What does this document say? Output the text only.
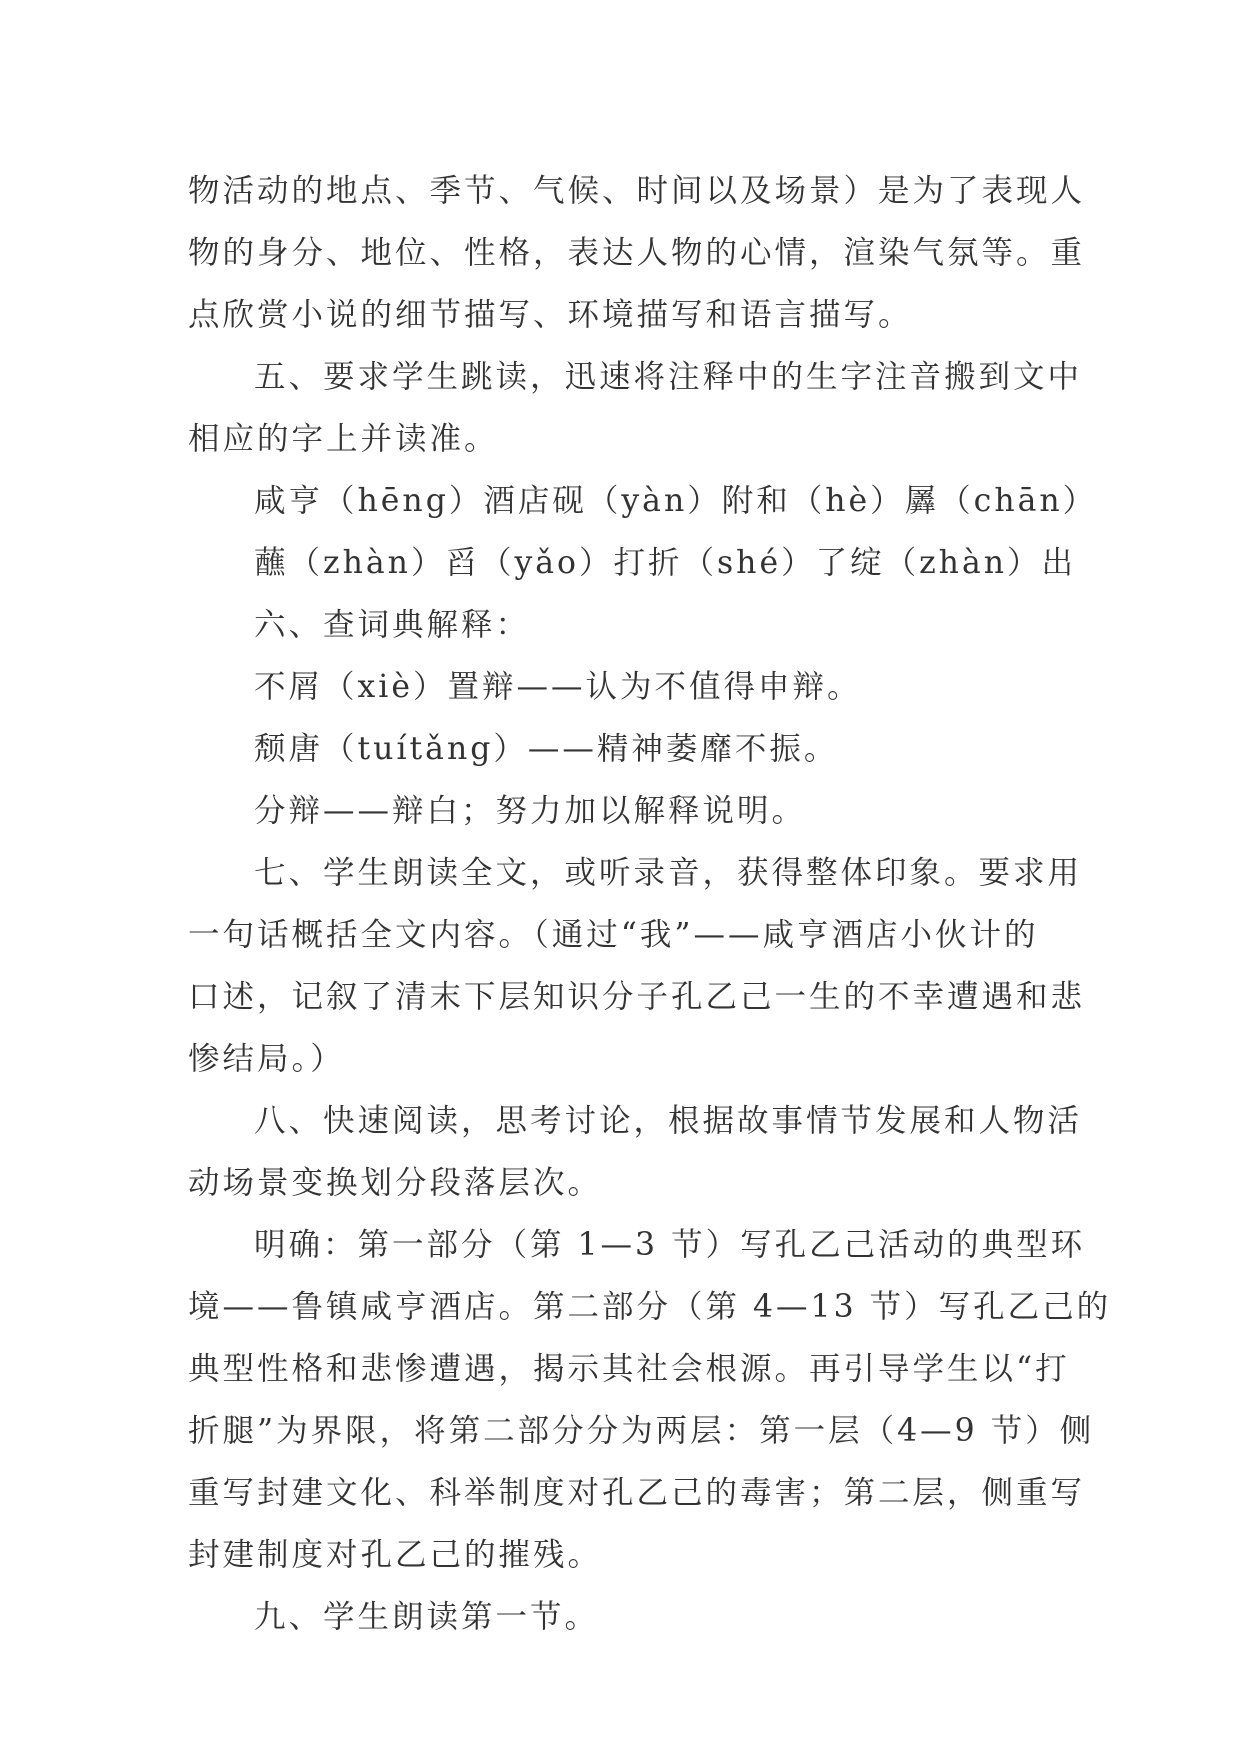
物活动的地点、季节、气候、时间以及场景）是为了表现人
物的身分、地位、性格，表达人物的心情，渲染气氛等。重
点欣赏小说的细节描写、环境描写和语言描写。
五、要求学生跳读，迅速将注释中的生字注音搬到文中
相应的字上并读准。
咸亨（hēng）酒店砚（yàn）附和（hè）羼（chān）
蘸（zhàn）舀（yǎo）打折（shé）了绽（zhàn）出
六、查词典解释：
不屑（xiè）置辩——认为不值得申辩。
颓唐（tuítǎng）——精神萎靡不振。
分辩——辩白；努力加以解释说明。
七、学生朗读全文，或听录音，获得整体印象。要求用
一句话概括全文内容。（通过“我”——咸亨酒店小伙计的
口述，记叙了清末下层知识分子孔乙己一生的不幸遭遇和悲
惨结局。）
八、快速阅读，思考讨论，根据故事情节发展和人物活
动场景变换划分段落层次。
明确：第一部分（第 1—3 节）写孔乙己活动的典型环
境——鲁镇咸亨酒店。第二部分（第 4—13 节）写孔乙己的
典型性格和悲惨遭遇，揭示其社会根源。再引导学生以“打
折腿”为界限，将第二部分分为两层：第一层（4—9 节）侧
重写封建文化、科举制度对孔乙己的毒害；第二层，侧重写
封建制度对孔乙己的摧残。
九、学生朗读第一节。
